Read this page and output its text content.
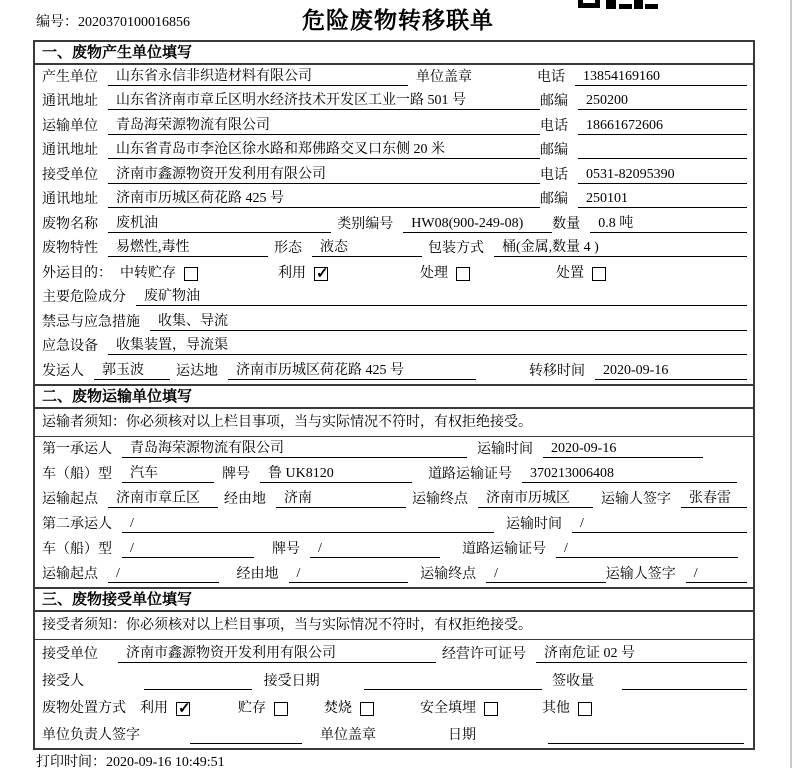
编号：2020370100016856	危险废物转移联单
一、废物产生单位填写
产生单位	山东省永信非织造材料有限公司	单位盖章	电话	13854169160
通讯地址	山东省济南市章丘区明水经济技术开发区工业一路 501 号	邮编	250200
运输单位	青岛海荣源物流有限公司	电话	18661672606
通讯地址	山东省青岛市李沧区徐水路和郑佛路交叉口东侧 20 米	邮编
接受单位	济南市鑫源物资开发利用有限公司	电话	0531-82095390
通讯地址	济南市历城区荷花路 425 号	邮编	250101
废物名称	废机油	类别编号	HW08(900-249-08)	数量	0.8 吨
废物特性	易燃性,毒性	形态	液态	包装方式	桶(金属,数量 4 )
外运目的： 中转贮存	利用 ✓	处理	处置
主要危险成分	废矿物油
禁忌与应急措施	收集、导流
应急设备	收集装置，导流渠
发运人	郭玉波	运达地	济南市历城区荷花路 425 号	转移时间	2020-09-16
二、废物运输单位填写
运输者须知：你必须核对以上栏目事项，当与实际情况不符时，有权拒绝接受。
第一承运人	青岛海荣源物流有限公司	运输时间	2020-09-16
车（船）型	汽车	牌号	鲁 UK8120	道路运输证号	370213006408
运输起点	济南市章丘区	经由地	济南	运输终点	济南市历城区	运输人签字	张春雷
第二承运人	/	运输时间	/
车（船）型	/	牌号	/	道路运输证号	/
运输起点	/	经由地	/	运输终点	/	运输人签字	/
三、废物接受单位填写
接受者须知：你必须核对以上栏目事项，当与实际情况不符时，有权拒绝接受。
接受单位	济南市鑫源物资开发利用有限公司	经营许可证号	济南危证 02 号
接受人	接受日期	签收量
废物处置方式 利用 ✓	贮存	焚烧	安全填埋	其他
单位负责人签字	单位盖章	日期
打印时间：2020-09-16 10:49:51
